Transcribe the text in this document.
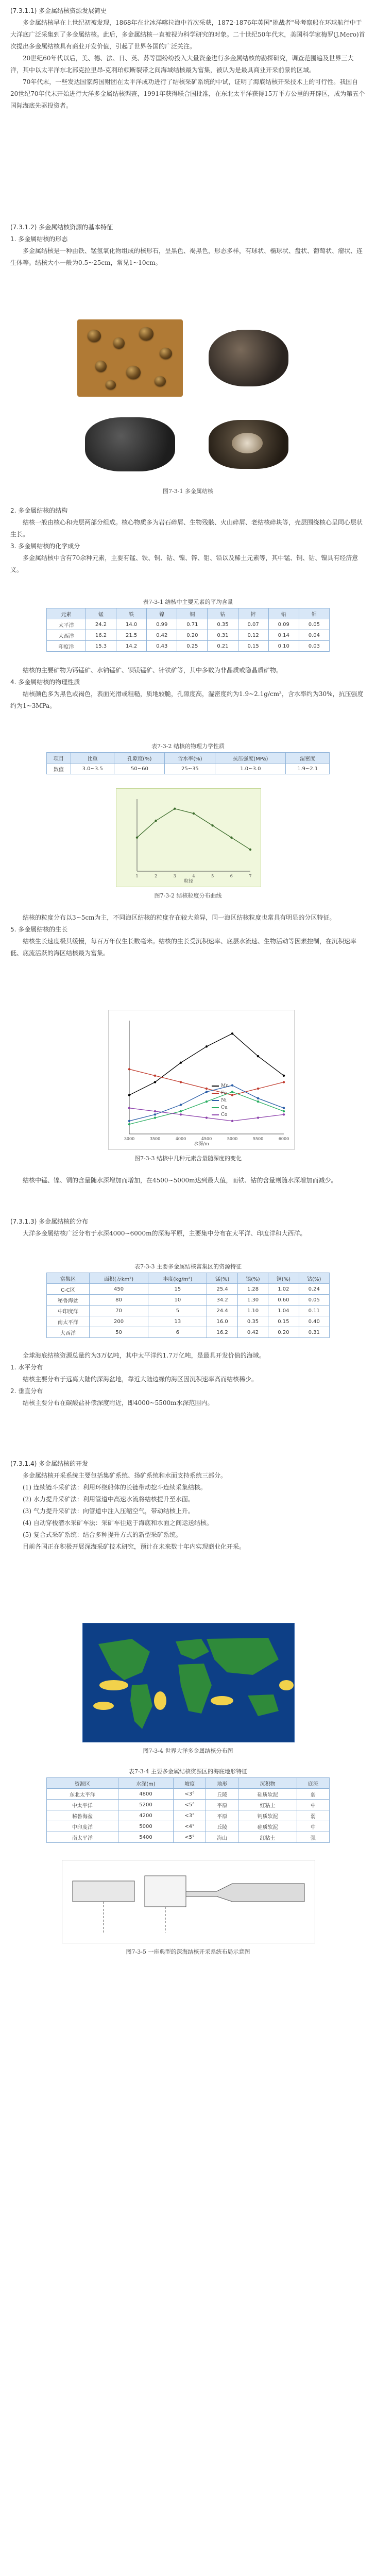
(7.3.1.1) 多金属结核资源发展简史

多金属结核早在上世纪初被发现，1868年在北冰洋喀拉海中首次采获，1872-1876年英国"挑战者"号考察船在环球航行中于大洋底广泛采集到了多金属结核。此后，多金属结核一直被视为科学研究的对象。二十世纪50年代末，美国科学家梅罗(J.Mero)首次提出多金属结核具有商业开发价值，引起了世界各国的广泛关注。

20世纪60年代以后，美、德、法、日、英、苏等国纷纷投入大量资金进行多金属结核的勘探研究，调查范围遍及世界三大洋，其中以太平洋东北部克拉里昂-克利珀顿断裂带之间海域结核最为富集，被认为是最具商业开采前景的区域。

70年代末，一些发达国家跨国财团在太平洋成功进行了结核采矿系统的中试，证明了海底结核开采技术上的可行性。我国自20世纪70年代末开始进行大洋多金属结核调查，1991年获得联合国批准，在东北太平洋获得15万平方公里的开辟区，成为第五个国际海底先驱投资者。

(7.3.1.2) 多金属结核资源的基本特征
1. 多金属结核的形态

多金属结核是一种由铁、锰氢氧化物组成的核形石，呈黑色、褐黑色，形态多样，有球状、椭球状、盘状、葡萄状、瘤状、连生体等。结核大小一般为0.5~25cm，常见1~10cm。

图7-3-1 多金属结核
2. 多金属结核的结构

结核一般由核心和壳层两部分组成。核心物质多为岩石碎屑、生物残骸、火山碎屑、老结核碎块等，壳层围绕核心呈同心层状生长。

3. 多金属结核的化学成分

多金属结核中含有70余种元素，主要有锰、铁、铜、钴、镍、锌、钼、铅以及稀土元素等，其中锰、铜、钴、镍具有经济意义。

表7-3-1 结核中主要元素的平均含量
元素	锰	铁	镍	铜	钴	锌	铅	钼
太平洋	24.2	14.0	0.99	0.71	0.35	0.07	0.09	0.05
大西洋	16.2	21.5	0.42	0.20	0.31	0.12	0.14	0.04
印度洋	15.3	14.2	0.43	0.25	0.21	0.15	0.10	0.03

结核的主要矿物为钙锰矿、水钠锰矿、钡镁锰矿、针铁矿等，其中多数为非晶质或隐晶质矿物。

4. 多金属结核的物理性质

结核颜色多为黑色或褐色，表面光滑或粗糙，质地较脆，孔隙度高，湿密度约为1.9~2.1g/cm³，含水率约为30%，抗压强度约为1~3MPa。

表7-3-2 结核的物理力学性质
项目	比重	孔隙度(%)	含水率(%)	抗压强度(MPa)	湿密度
数值	3.0~3.5	50~60	25~35	1.0~3.0	1.9~2.1
1	2	3	4	5	6	7
粒径
图7-3-2 结核粒度分布曲线

结核的粒度分布以3~5cm为主，不同海区结核的粒度存在较大差异，同一海区结核粒度也常具有明显的分区特征。

5. 多金属结核的生长

结核生长速度极其缓慢，每百万年仅生长数毫米。结核的生长受沉积速率、底层水流速、生物活动等因素控制，在沉积速率低、底流活跃的海区结核最为富集。

3000	3500	4000	4500	5000	5500	6000
水深/m
Mn
Fe
Ni
Cu
Co
图7-3-3 结核中几种元素含量随深度的变化

结核中锰、镍、铜的含量随水深增加而增加，在4500~5000m达到最大值，而铁、钴的含量则随水深增加而减少。

(7.3.1.3) 多金属结核的分布

大洋多金属结核广泛分布于水深4000~6000m的深海平原，主要集中分布在太平洋、印度洋和大西洋。

表7-3-3 主要多金属结核富集区的资源特征
富集区	面积(万km²)	丰度(kg/m²)	锰(%)	镍(%)	铜(%)	钴(%)
C-C区	450	15	25.4	1.28	1.02	0.24
秘鲁海盆	80	10	34.2	1.30	0.60	0.05
中印度洋	70	5	24.4	1.10	1.04	0.11
南太平洋	200	13	16.0	0.35	0.15	0.40
大西洋	50	6	16.2	0.42	0.20	0.31

全球海底结核资源总量约为3万亿吨，其中太平洋约1.7万亿吨，是最具开发价值的海域。

1. 水平分布

结核主要分布于远离大陆的深海盆地，靠近大陆边缘的海区因沉积速率高而结核稀少。

2. 垂直分布

结核主要分布在碳酸盐补偿深度附近，即4000~5500m水深范围内。

(7.3.1.4) 多金属结核的开发

多金属结核开采系统主要包括集矿系统、扬矿系统和水面支持系统三部分。

(1) 连续链斗采矿法：利用环绕船体的长链带动挖斗连续采集结核。
(2) 水力提升采矿法：利用管道中高速水流将结核提升至水面。
(3) 气力提升采矿法：向管道中注入压缩空气，带动结核上升。
(4) 自动穿梭潜水采矿车法：采矿车往返于海底和水面之间运送结核。
(5) 复合式采矿系统：结合多种提升方式的新型采矿系统。

目前各国正在积极开展深海采矿技术研究，预计在未来数十年内实现商业化开采。

图7-3-4 世界大洋多金属结核分布图
表7-3-4 主要多金属结核资源区的海底地形特征
资源区	水深(m)	坡度	地形	沉积物	底流
东北太平洋	4800	<3°	丘陵	硅质软泥	弱
中太平洋	5200	<5°	平原	红粘土	中
秘鲁海盆	4200	<3°	平原	钙质软泥	弱
中印度洋	5000	<4°	丘陵	硅质软泥	中
南太平洋	5400	<5°	海山	红粘土	强
图7-3-5 一座典型的深海结核开采系统布局示意图
